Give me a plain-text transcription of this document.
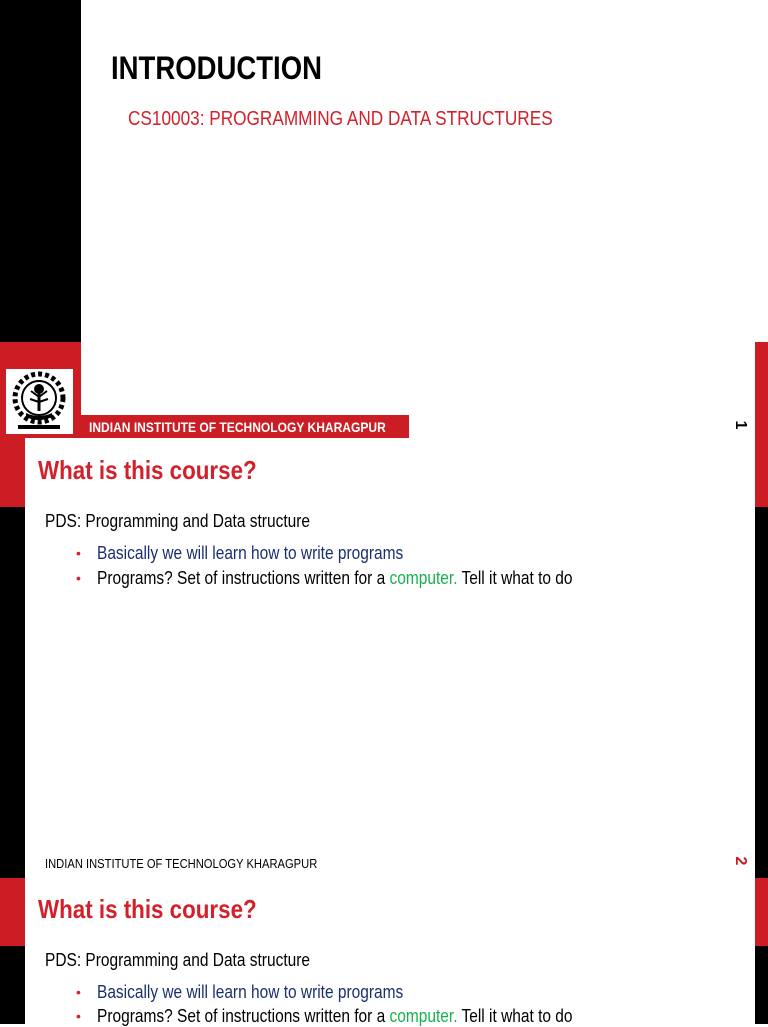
INDIAN INSTITUTE OF TECHNOLOGY KHARAGPUR
INTRODUCTION
CS10003: PROGRAMMING AND DATA STRUCTURES
1
What is this course?
PDS: Programming and Data structure
• Basically we will learn how to write programs
• Programs? Set of instructions written for a computer. Tell it what to do
INDIAN INSTITUTE OF TECHNOLOGY KHARAGPUR	2
What is this course?
PDS: Programming and Data structure
• Basically we will learn how to write programs
• Programs? Set of instructions written for a computer. Tell it what to do
